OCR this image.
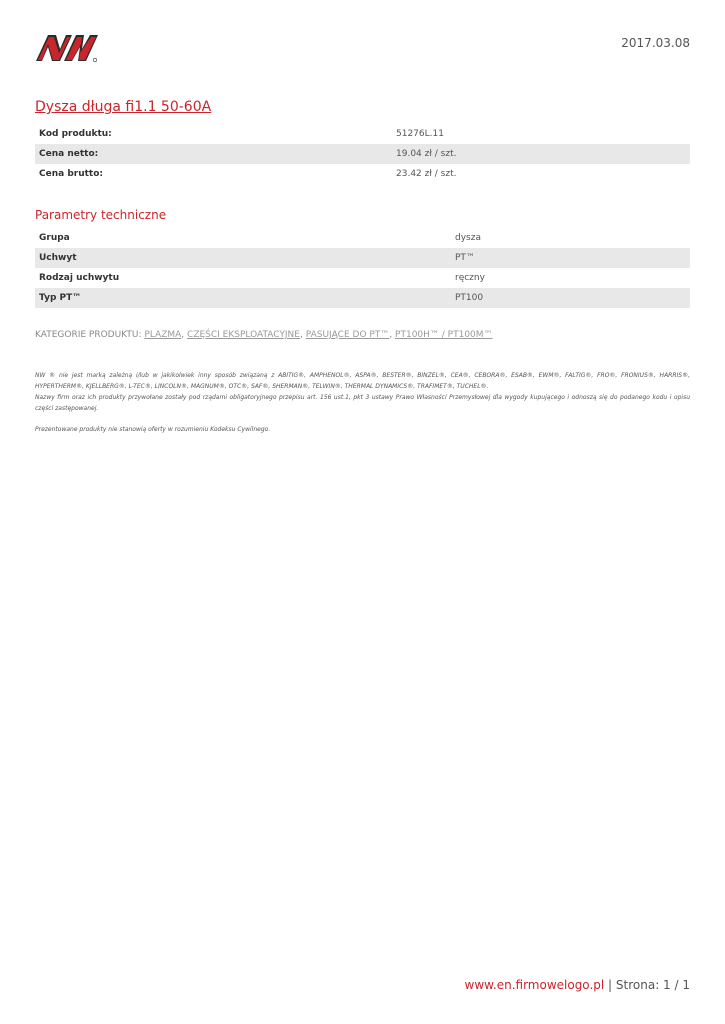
2017.03.08
Dysza długa fi1.1 50-60A
Kod produktu:	51276L.11
Cena netto:	19.04 zł / szt.
Cena brutto:	23.42 zł / szt.
Parametry techniczne
Grupa	dysza
Uchwyt	PT™
Rodzaj uchwytu	ręczny
Typ PT™	PT100
KATEGORIE PRODUKTU: PLAZMA, CZĘŚCI EKSPLOATACYJNE, PASUJĄCE DO PT™, PT100H™ / PT100M™

NW ® nie jest marką zależną i/lub w jakikolwiek inny sposób związaną z ABITIG®, AMPHENOL®, ASPA®, BESTER®, BINZEL®, CEA®, CEBORA®, ESAB®, EWM®, FALTIG®, FRO®, FRONIUS®, HARRIS®, HYPERTHERM®, KJELLBERG®, L-TEC®, LINCOLN®, MAGNUM®, OTC®, SAF®, SHERMAN®, TELWIN®, THERMAL DYNAMICS®, TRAFIMET®, TUCHEL®.

Nazwy firm oraz ich produkty przywołane zostały pod rządami obligatoryjnego przepisu art. 156 ust.1, pkt 3 ustawy Prawo Własności Przemysłowej dla wygody kupującego i odnoszą się do podanego kodu i opisu części zastępowanej.

Prezentowane produkty nie stanowią oferty w rozumieniu Kodeksu Cywilnego.

www.en.firmowelogo.pl | Strona: 1 / 1
